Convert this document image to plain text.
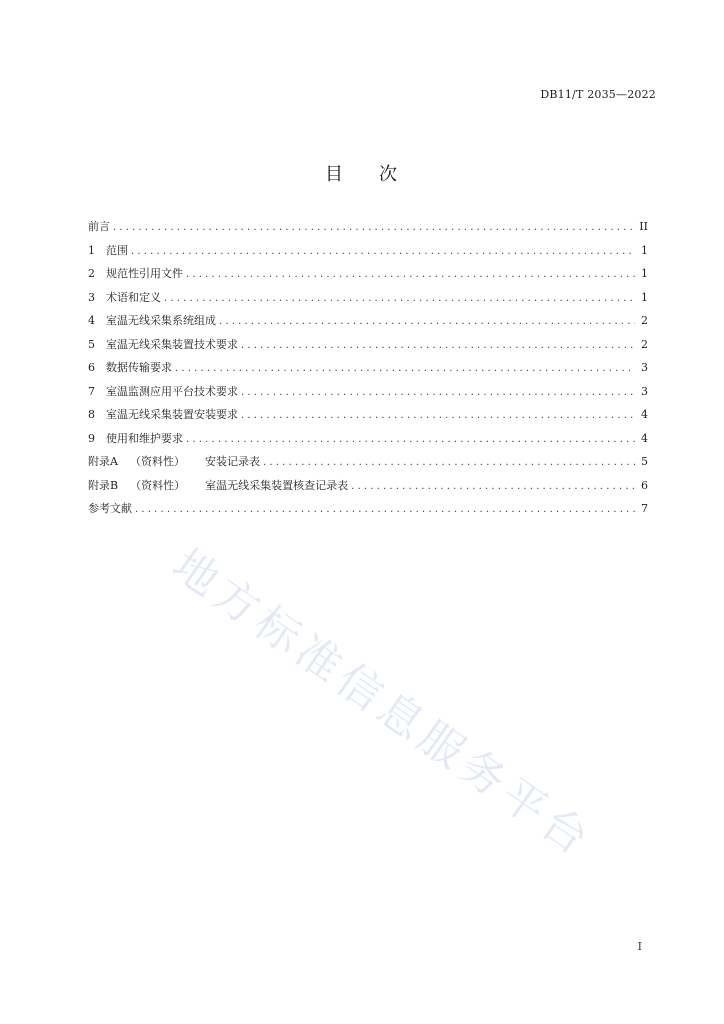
DB11/T 2035—2022
目 次
前言 .....	II
1	范围 .....	1
2	规范性引用文件 .....	1
3	术语和定义 .....	1
4	室温无线采集系统组成 .....	2
5	室温无线采集装置技术要求 .....	2
6	数据传输要求 .....	3
7	室温监测应用平台技术要求 .....	3
8	室温无线采集装置安装要求 .....	4
9	使用和维护要求 .....	4
附录A （资料性） 安装记录表 .....	5
附录B （资料性） 室温无线采集装置核查记录表 .....	6
参考文献 .....	7
地方标准信息服务平台
I
